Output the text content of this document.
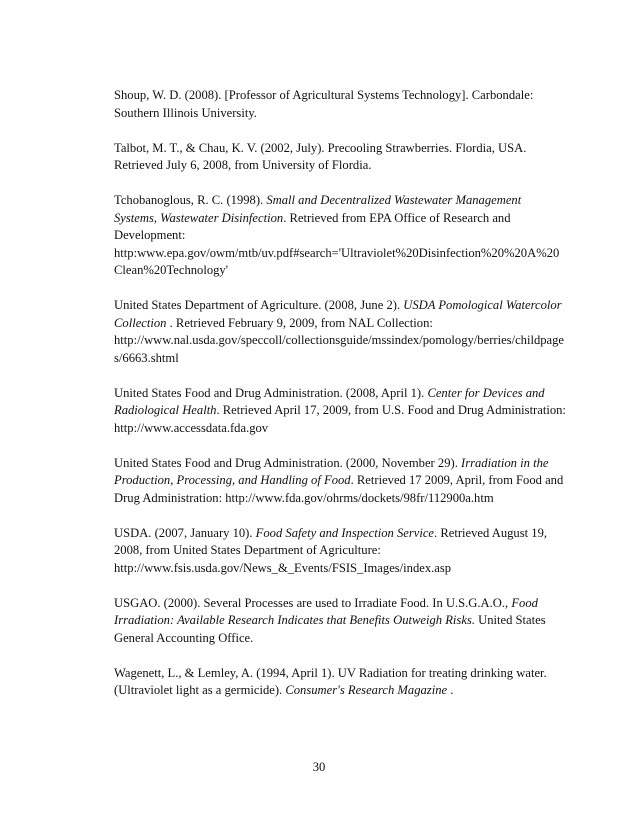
Shoup, W. D. (2008). [Professor of Agricultural Systems Technology]. Carbondale: Southern Illinois University.

Talbot, M. T., & Chau, K. V. (2002, July). Precooling Strawberries. Flordia, USA. Retrieved July 6, 2008, from University of Flordia.

Tchobanoglous, R. C. (1998). Small and Decentralized Wastewater Management Systems, Wastewater Disinfection. Retrieved from EPA Office of Research and Development:
http:www.epa.gov/owm/mtb/uv.pdf#search='Ultraviolet%20Disinfection%20%20A%20Clean%20Technology'

United States Department of Agriculture. (2008, June 2). USDA Pomological Watercolor Collection . Retrieved February 9, 2009, from NAL Collection: http://www.nal.usda.gov/speccoll/collectionsguide/mssindex/pomology/berries/childpage s/6663.shtml

United States Food and Drug Administration. (2008, April 1). Center for Devices and Radiological Health. Retrieved April 17, 2009, from U.S. Food and Drug Administration: http://www.accessdata.fda.gov

United States Food and Drug Administration. (2000, November 29). Irradiation in the Production, Processing, and Handling of Food. Retrieved 17 2009, April, from Food and Drug Administration: http://www.fda.gov/ohrms/dockets/98fr/112900a.htm

USDA. (2007, January 10). Food Safety and Inspection Service. Retrieved August 19, 2008, from United States Department of Agriculture: http://www.fsis.usda.gov/News_&_Events/FSIS_Images/index.asp

USGAO. (2000). Several Processes are used to Irradiate Food. In U.S.G.A.O., Food Irradiation: Available Research Indicates that Benefits Outweigh Risks. United States General Accounting Office.

Wagenett, L., & Lemley, A. (1994, April 1). UV Radiation for treating drinking water. (Ultraviolet light as a germicide). Consumer's Research Magazine .

30
